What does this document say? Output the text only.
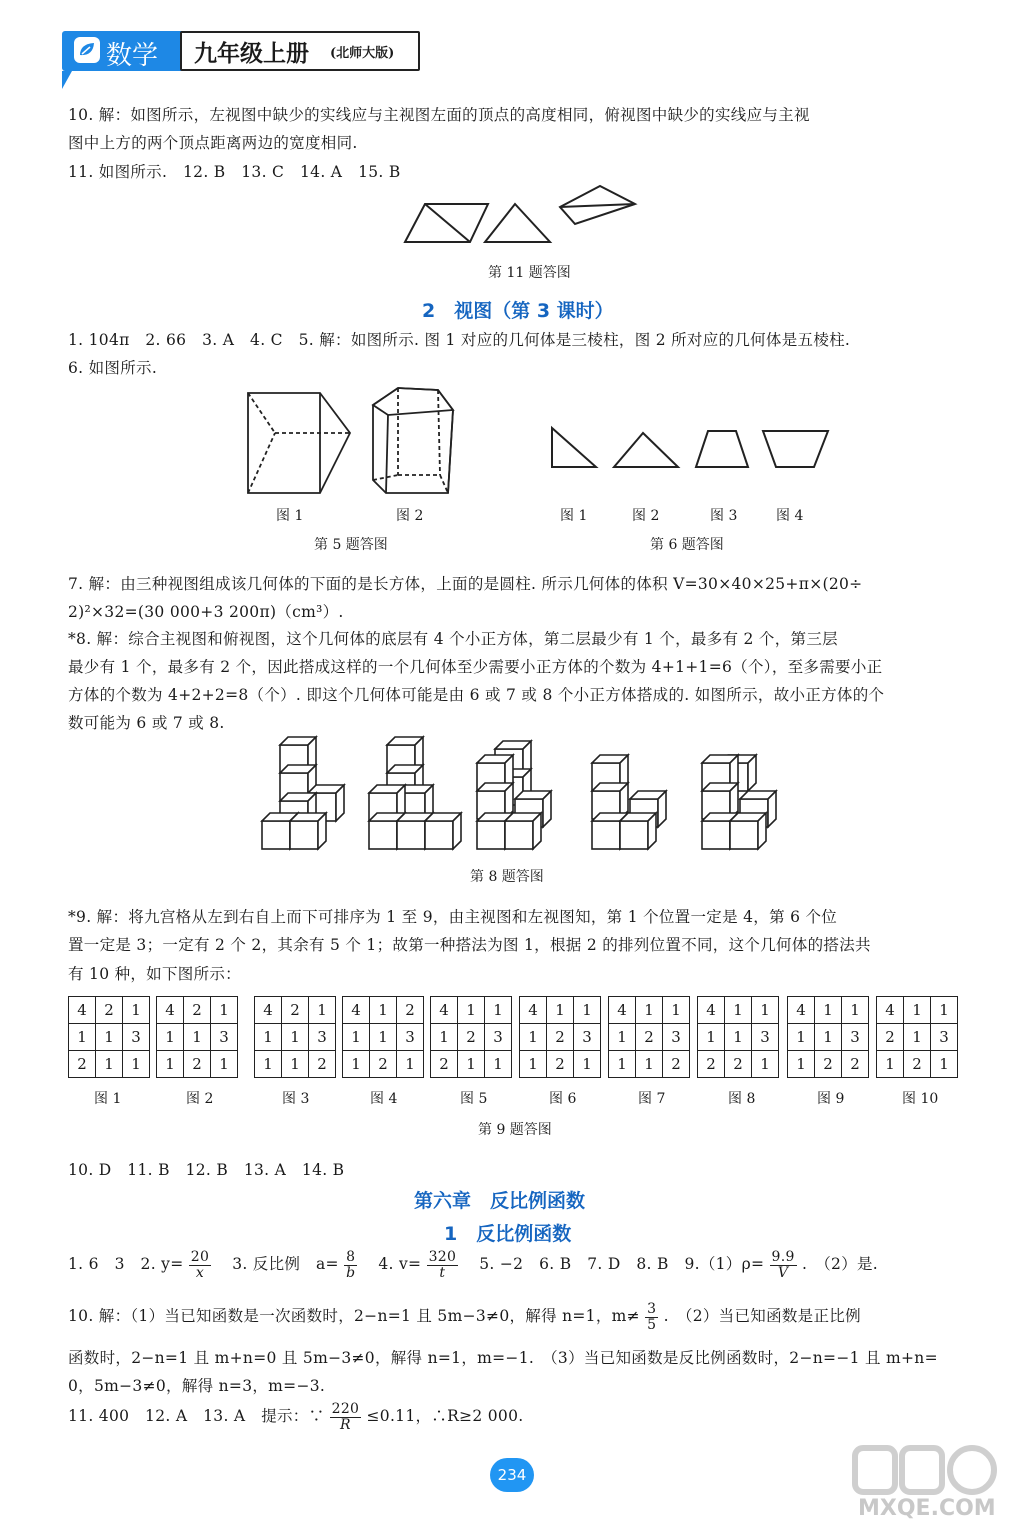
数学 九年级上册 (北师大版)
10. 解：如图所示，左视图中缺少的实线应与主视图左面的顶点的高度相同，俯视图中缺少的实线应与主视
图中上方的两个顶点距离两边的宽度相同.
11. 如图所示.　12. B　13. C　14. A　15. B
第 11 题答图
2　视图（第 3 课时）
1. 104π　2. 66　3. A　4. C　5. 解：如图所示. 图 1 对应的几何体是三棱柱，图 2 所对应的几何体是五棱柱.
6. 如图所示.
图 1	图 2
第 5 题答图
图 1	图 2	图 3	图 4
第 6 题答图
7. 解：由三种视图组成该几何体的下面的是长方体，上面的是圆柱. 所示几何体的体积 V=30×40×25+π×(20÷
2)²×32=(30 000+3 200π)（cm³）.
*8. 解：综合主视图和俯视图，这个几何体的底层有 4 个小正方体，第二层最少有 1 个，最多有 2 个，第三层
最少有 1 个，最多有 2 个，因此搭成这样的一个几何体至少需要小正方体的个数为 4+1+1=6（个），至多需要小正
方体的个数为 4+2+2=8（个）. 即这个几何体可能是由 6 或 7 或 8 个小正方体搭成的. 如图所示，故小正方体的个
数可能为 6 或 7 或 8.
第 8 题答图
*9. 解：将九宫格从左到右自上而下可排序为 1 至 9，由主视图和左视图知，第 1 个位置一定是 4，第 6 个位
置一定是 3；一定有 2 个 2，其余有 5 个 1；故第一种搭法为图 1，根据 2 的排列位置不同，这个几何体的搭法共
有 10 种，如下图所示：
4	2	1
1	1	3
2	1	1
图 1
4	2	1
1	1	3
1	2	1
图 2
4	2	1
1	1	3
1	1	2
图 3
4	1	2
1	1	3
1	2	1
图 4
4	1	1
1	2	3
2	1	1
图 5
4	1	1
1	2	3
1	2	1
图 6
4	1	1
1	2	3
1	1	2
图 7
4	1	1
1	1	3
2	2	1
图 8
4	1	1
1	1	3
1	2	2
图 9
4	1	1
2	1	3
1	2	1
图 10
第 9 题答图
10. D　11. B　12. B　13. A　14. B
第六章　反比例函数
1　反比例函数
1. 6　3　2. $y= \frac{20}{x}$ 　3. 反比例　$a= \frac{8}{b}$ 　4. $v= \frac{320}{t}$ 　5. −2　6. B　7. D　8. B　$9.(1)\rho= \frac{9.9}{V}$ .　（2）是.
10. 解：（1）当已知函数是一次函数时，2−n=1 且 5m−3≠0，解得 n=1，$m\ne \frac{3}{5}$ .　（2）当已知函数是正比例
函数时，2−n=1 且 m+n=0 且 5m−3≠0，解得 n=1，m=−1.　（3）当已知函数是反比例函数时，2−n=−1 且 m+n=
0，5m−3≠0，解得 n=3，m=−3.
11. 400　12. A　13. A　提示：∵ $\frac{220}{R} \le 0.11$，∴R≥2 000.
234
MXQE.COM
